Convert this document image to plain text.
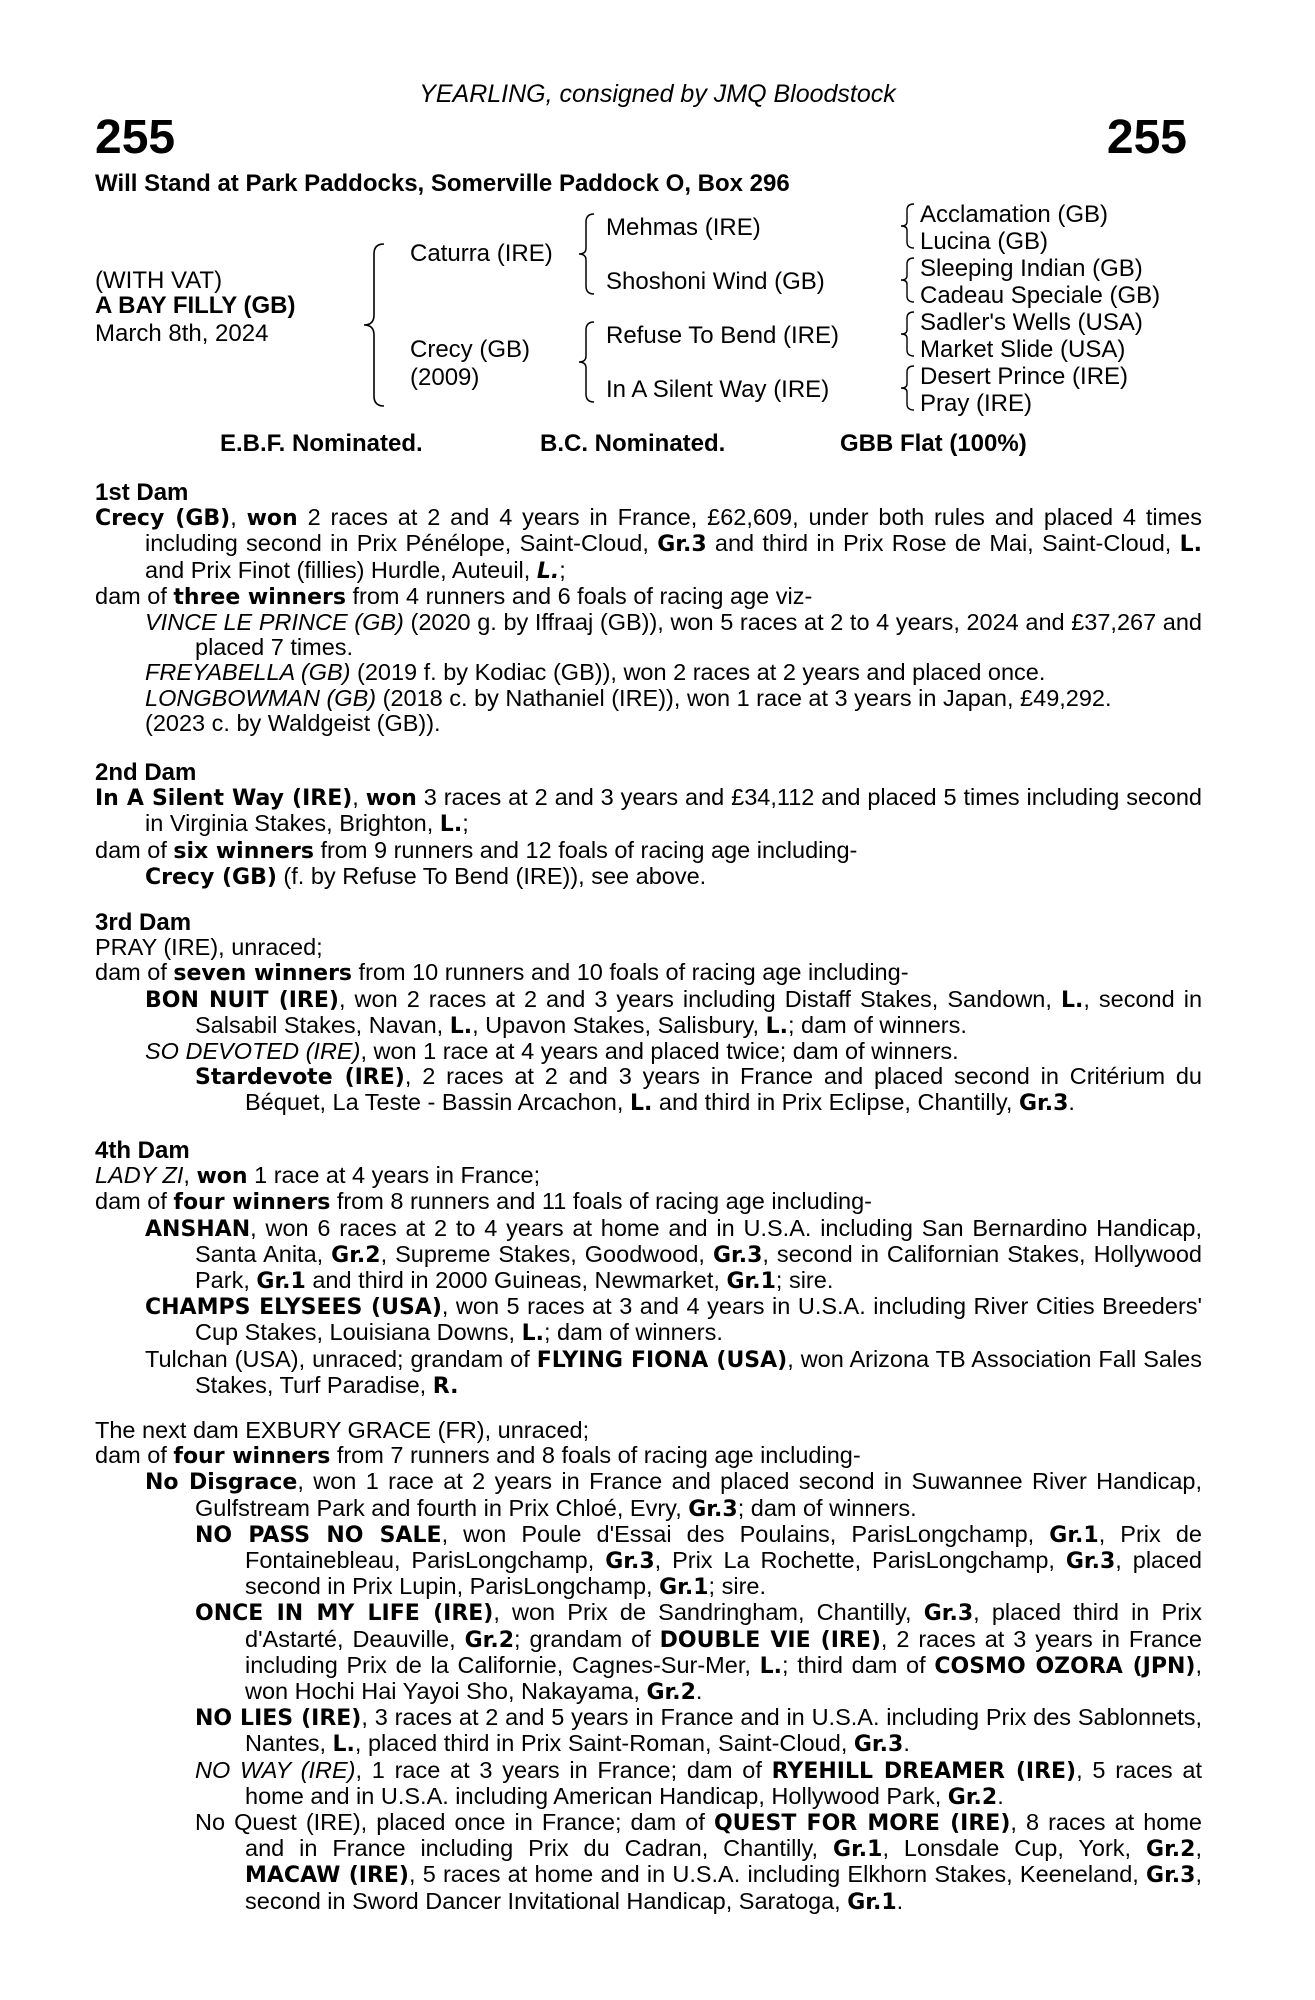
YEARLING, consigned by JMQ Bloodstock
255	255
Will Stand at Park Paddocks, Somerville Paddock O, Box 296
(WITH VAT)
A BAY FILLY (GB)
March 8th, 2024
Caturra (IRE)
Crecy (GB)
(2009)
Mehmas (IRE)
Shoshoni Wind (GB)
Refuse To Bend (IRE)
In A Silent Way (IRE)
Acclamation (GB)
Lucina (GB)
Sleeping Indian (GB)
Cadeau Speciale (GB)
Sadler's Wells (USA)
Market Slide (USA)
Desert Prince (IRE)
Pray (IRE)
E.B.F. Nominated.	B.C. Nominated.	GBB Flat (100%)
1st Dam

Crecy (GB), won 2 races at 2 and 4 years in France, £62,609, under both rules and placed 4 times including second in Prix Pénélope, Saint-Cloud, Gr.3 and third in Prix Rose de Mai, Saint-Cloud, L. and Prix Finot (fillies) Hurdle, Auteuil, L.;

dam of three winners from 4 runners and 6 foals of racing age viz-

VINCE LE PRINCE (GB) (2020 g. by Iffraaj (GB)), won 5 races at 2 to 4 years, 2024 and £37,267 and placed 7 times.

FREYABELLA (GB) (2019 f. by Kodiac (GB)), won 2 races at 2 years and placed once.

LONGBOWMAN (GB) (2018 c. by Nathaniel (IRE)), won 1 race at 3 years in Japan, £49,292.

(2023 c. by Waldgeist (GB)).

2nd Dam

In A Silent Way (IRE), won 3 races at 2 and 3 years and £34,112 and placed 5 times including second in Virginia Stakes, Brighton, L.;

dam of six winners from 9 runners and 12 foals of racing age including-

Crecy (GB) (f. by Refuse To Bend (IRE)), see above.

3rd Dam

PRAY (IRE), unraced;

dam of seven winners from 10 runners and 10 foals of racing age including-

BON NUIT (IRE), won 2 races at 2 and 3 years including Distaff Stakes, Sandown, L., second in Salsabil Stakes, Navan, L., Upavon Stakes, Salisbury, L.; dam of winners.

SO DEVOTED (IRE), won 1 race at 4 years and placed twice; dam of winners.

Stardevote (IRE), 2 races at 2 and 3 years in France and placed second in Critérium du Béquet, La Teste - Bassin Arcachon, L. and third in Prix Eclipse, Chantilly, Gr.3.

4th Dam

LADY ZI, won 1 race at 4 years in France;

dam of four winners from 8 runners and 11 foals of racing age including-

ANSHAN, won 6 races at 2 to 4 years at home and in U.S.A. including San Bernardino Handicap, Santa Anita, Gr.2, Supreme Stakes, Goodwood, Gr.3, second in Californian Stakes, Hollywood Park, Gr.1 and third in 2000 Guineas, Newmarket, Gr.1; sire.

CHAMPS ELYSEES (USA), won 5 races at 3 and 4 years in U.S.A. including River Cities Breeders' Cup Stakes, Louisiana Downs, L.; dam of winners.

Tulchan (USA), unraced; grandam of FLYING FIONA (USA), won Arizona TB Association Fall Sales Stakes, Turf Paradise, R.

The next dam EXBURY GRACE (FR), unraced;

dam of four winners from 7 runners and 8 foals of racing age including-

No Disgrace, won 1 race at 2 years in France and placed second in Suwannee River Handicap, Gulfstream Park and fourth in Prix Chloé, Evry, Gr.3; dam of winners.

NO PASS NO SALE, won Poule d'Essai des Poulains, ParisLongchamp, Gr.1, Prix de Fontainebleau, ParisLongchamp, Gr.3, Prix La Rochette, ParisLongchamp, Gr.3, placed second in Prix Lupin, ParisLongchamp, Gr.1; sire.

ONCE IN MY LIFE (IRE), won Prix de Sandringham, Chantilly, Gr.3, placed third in Prix d'Astarté, Deauville, Gr.2; grandam of DOUBLE VIE (IRE), 2 races at 3 years in France including Prix de la Californie, Cagnes-Sur-Mer, L.; third dam of COSMO OZORA (JPN), won Hochi Hai Yayoi Sho, Nakayama, Gr.2.

NO LIES (IRE), 3 races at 2 and 5 years in France and in U.S.A. including Prix des Sablonnets, Nantes, L., placed third in Prix Saint-Roman, Saint-Cloud, Gr.3.

NO WAY (IRE), 1 race at 3 years in France; dam of RYEHILL DREAMER (IRE), 5 races at home and in U.S.A. including American Handicap, Hollywood Park, Gr.2.

No Quest (IRE), placed once in France; dam of QUEST FOR MORE (IRE), 8 races at home and in France including Prix du Cadran, Chantilly, Gr.1, Lonsdale Cup, York, Gr.2, MACAW (IRE), 5 races at home and in U.S.A. including Elkhorn Stakes, Keeneland, Gr.3, second in Sword Dancer Invitational Handicap, Saratoga, Gr.1.
